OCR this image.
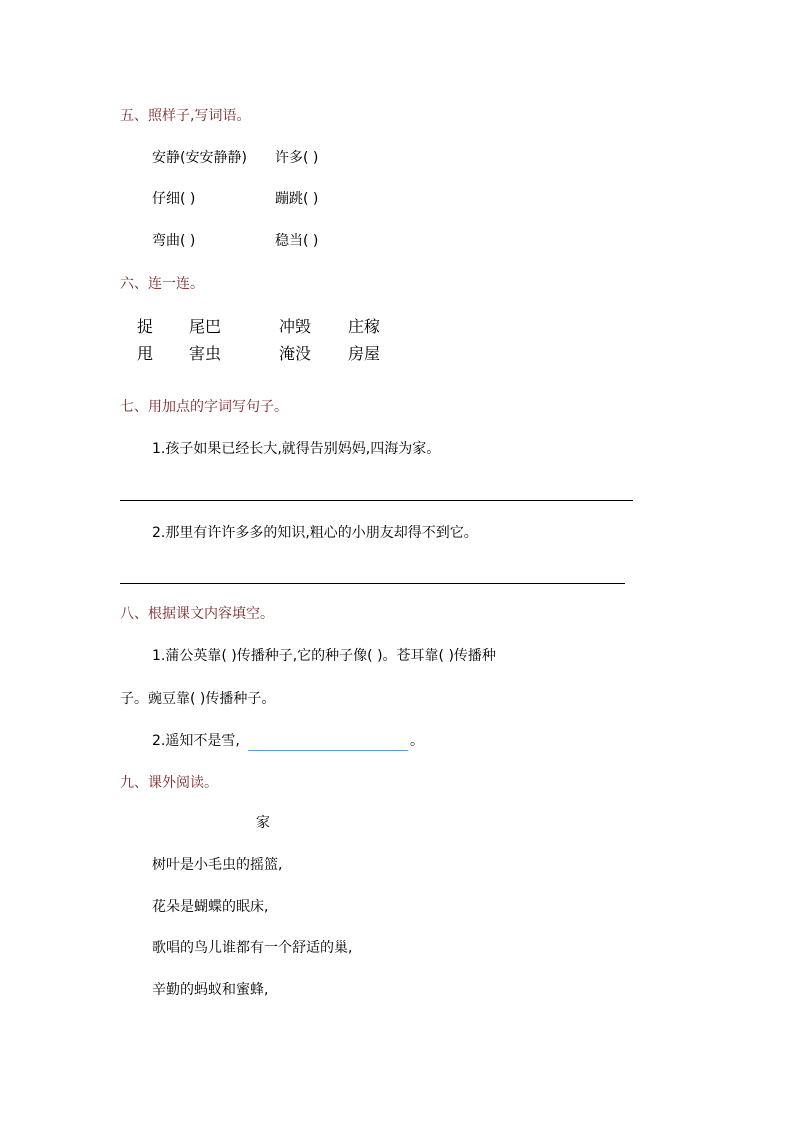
五、照样子,写词语。
安静(安安静静) 许多( )
仔细( )	蹦跳( )
弯曲( )	稳当( )
六、连一连。
捉 尾巴	冲毁 庄稼
甩 害虫	淹没 房屋
七、用加点的字词写句子。
1.孩子如果已经长大,就得告别妈妈,四海为家。
2.那里有许许多多的知识,粗心的小朋友却得不到它。
八、根据课文内容填空。
1.蒲公英靠( )传播种子,它的种子像( )。苍耳靠( )传播种
子。豌豆靠( )传播种子。
2.遥知不是雪,	。
九、课外阅读。
家
树叶是小毛虫的摇篮,
花朵是蝴蝶的眠床,
歌唱的鸟儿谁都有一个舒适的巢,
辛勤的蚂蚁和蜜蜂,
